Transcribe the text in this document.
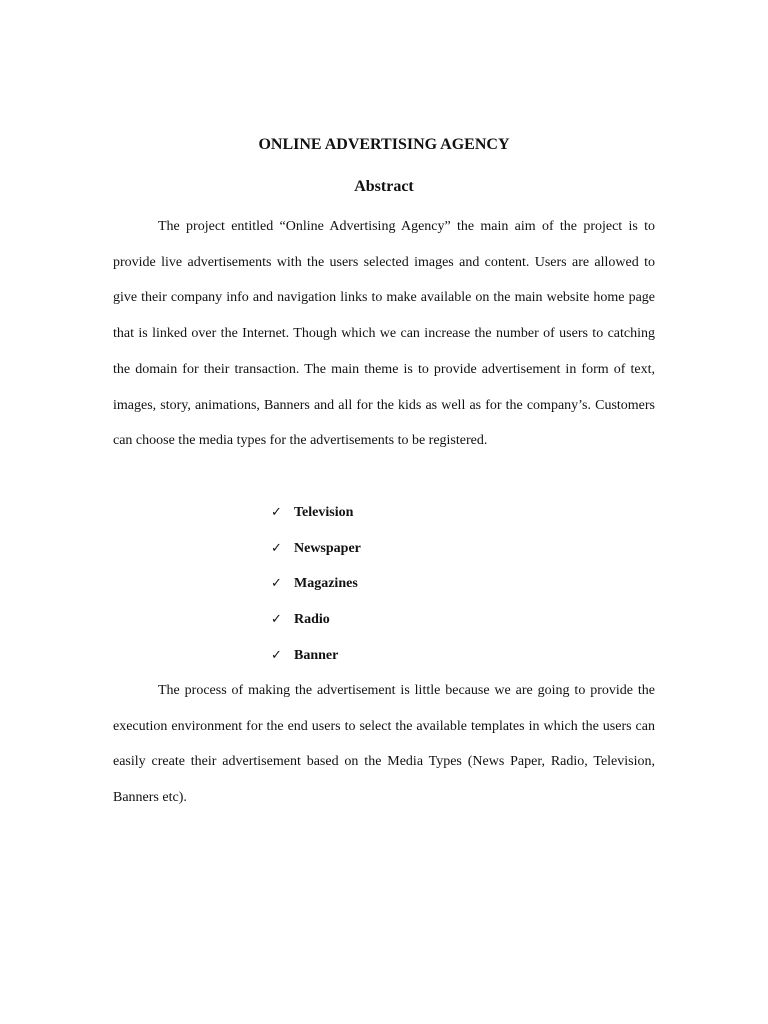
ONLINE ADVERTISING AGENCY
Abstract

The project entitled “Online Advertising Agency” the main aim of the project is to provide live advertisements with the users selected images and content. Users are allowed to give their company info and navigation links to make available on the main website home page that is linked over the Internet. Though which we can increase the number of users to catching the domain for their transaction. The main theme is to provide advertisement in form of text, images, story, animations, Banners and all for the kids as well as for the company’s. Customers can choose the media types for the advertisements to be registered.

✓ Television
✓ Newspaper
✓ Magazines
✓ Radio
✓ Banner

The process of making the advertisement is little because we are going to provide the execution environment for the end users to select the available templates in which the users can easily create their advertisement based on the Media Types (News Paper, Radio, Television, Banners etc).
